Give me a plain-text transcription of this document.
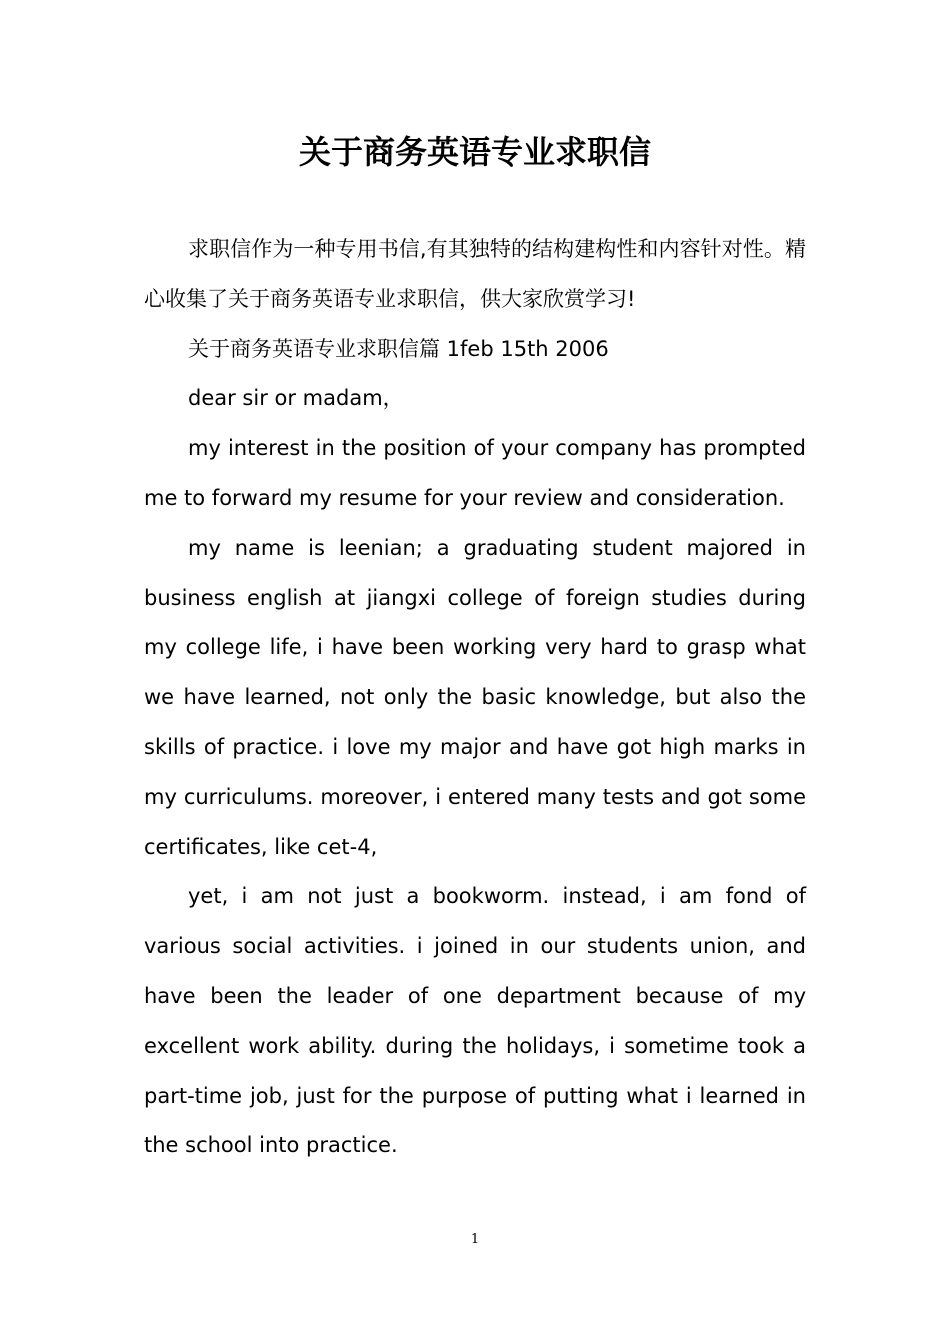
关于商务英语专业求职信

求职信作为一种专用书信,有其独特的结构建构性和内容针对性。精心收集了关于商务英语专业求职信，供大家欣赏学习!

关于商务英语专业求职信篇 1feb 15th 2006

dear sir or madam，

my interest in the position of your company has prompted me to forward my resume for your review and consideration.

my name is leenian; a graduating student majored in business english at jiangxi college of foreign studies during my college life, i have been working very hard to grasp what we have learned, not only the basic knowledge, but also the skills of practice. i love my major and have got high marks in my curriculums. moreover, i entered many tests and got some certificates, like cet-4,

yet, i am not just a bookworm. instead, i am fond of various social activities. i joined in our students union, and have been the leader of one department because of my excellent work ability. during the holidays, i sometime took a part-time job, just for the purpose of putting what i learned in the school into practice.

1
